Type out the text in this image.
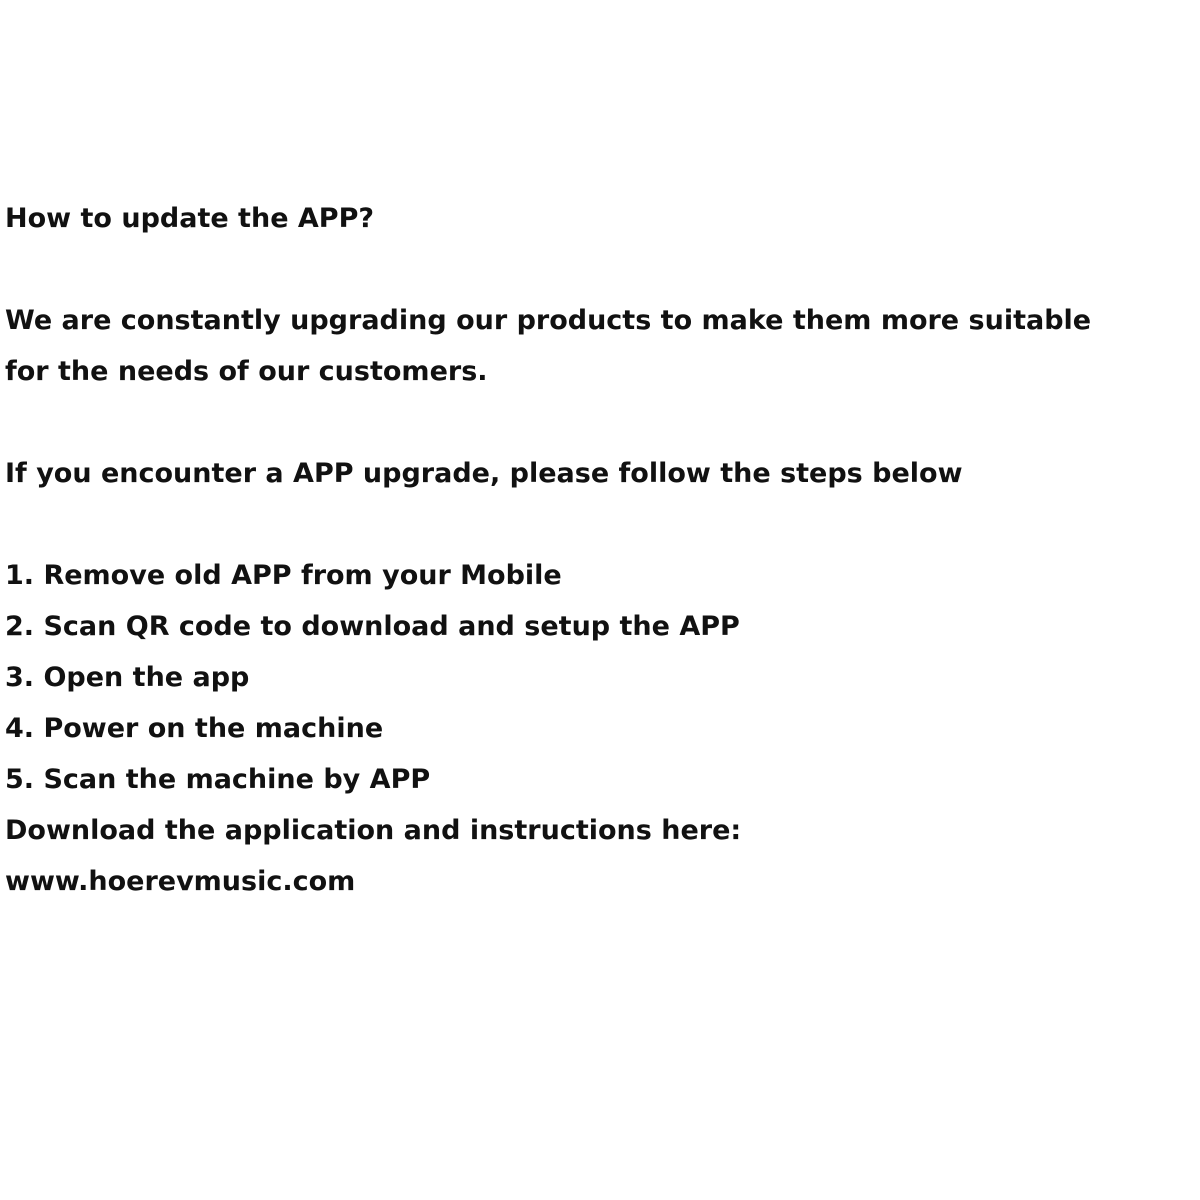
How to update the APP?
We are constantly upgrading our products to make them more suitable
for the needs of our customers.
If you encounter a APP upgrade, please follow the steps below
1. Remove old APP from your Mobile
2. Scan QR code to download and setup the APP
3. Open the app
4. Power on the machine
5. Scan the machine by APP
Download the application and instructions here:
www.hoerevmusic.com
